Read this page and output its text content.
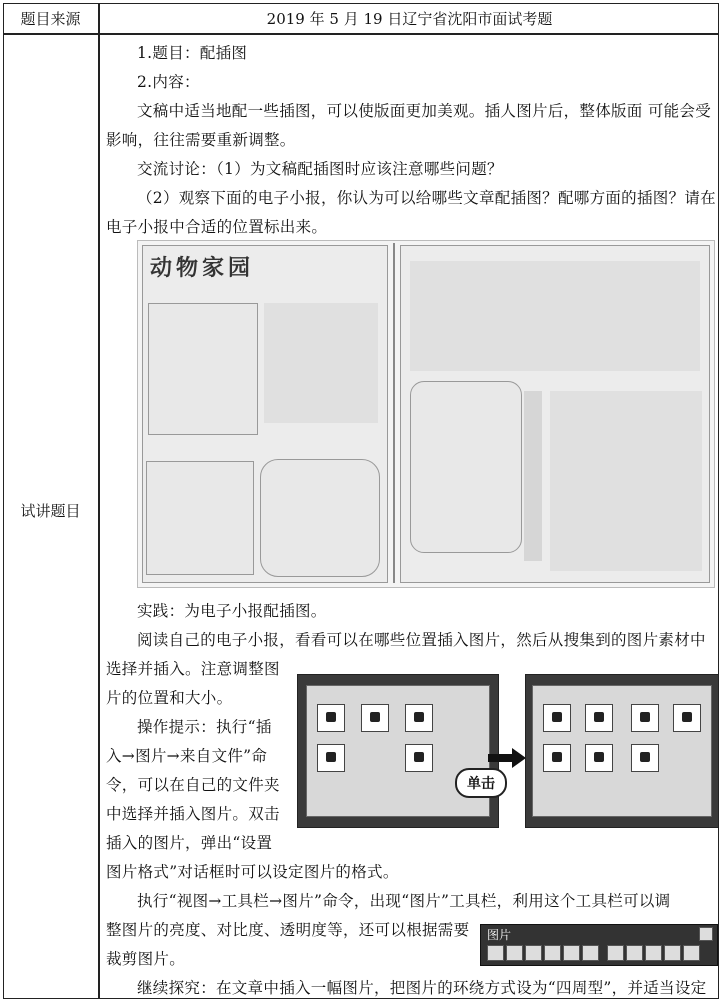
题目来源	2019 年 5 月 19 日辽宁省沈阳市面试考题
试讲题目
1.题目：配插图
2.内容：
文稿中适当地配一些插图，可以使版面更加美观。插人图片后，整体版面 可能会受
影响，往往需要重新调整。
交流讨论：（1）为文稿配插图时应该注意哪些问题？
（2）观察下面的电子小报，你认为可以给哪些文章配插图？配哪方面的插图？请在
电子小报中合适的位置标出来。
动物家园
实践：为电子小报配插图。
阅读自己的电子小报，看看可以在哪些位置插入图片，然后从搜集到的图片素材中
选择并插入。注意调整图
片的位置和大小。
操作提示：执行“插
入→图片→来自文件”命
令，可以在自己的文件夹
中选择并插入图片。双击
插入的图片，弹出“设置
图片格式”对话框时可以设定图片的格式。
执行“视图→工具栏→图片”命令，出现“图片”工具栏，利用这个工具栏可以调
整图片的亮度、对比度、透明度等，还可以根据需要
裁剪图片。
继续探究：在文章中插入一幅图片，把图片的环绕方式设为“四周型”，并适当设定
单击
图片
